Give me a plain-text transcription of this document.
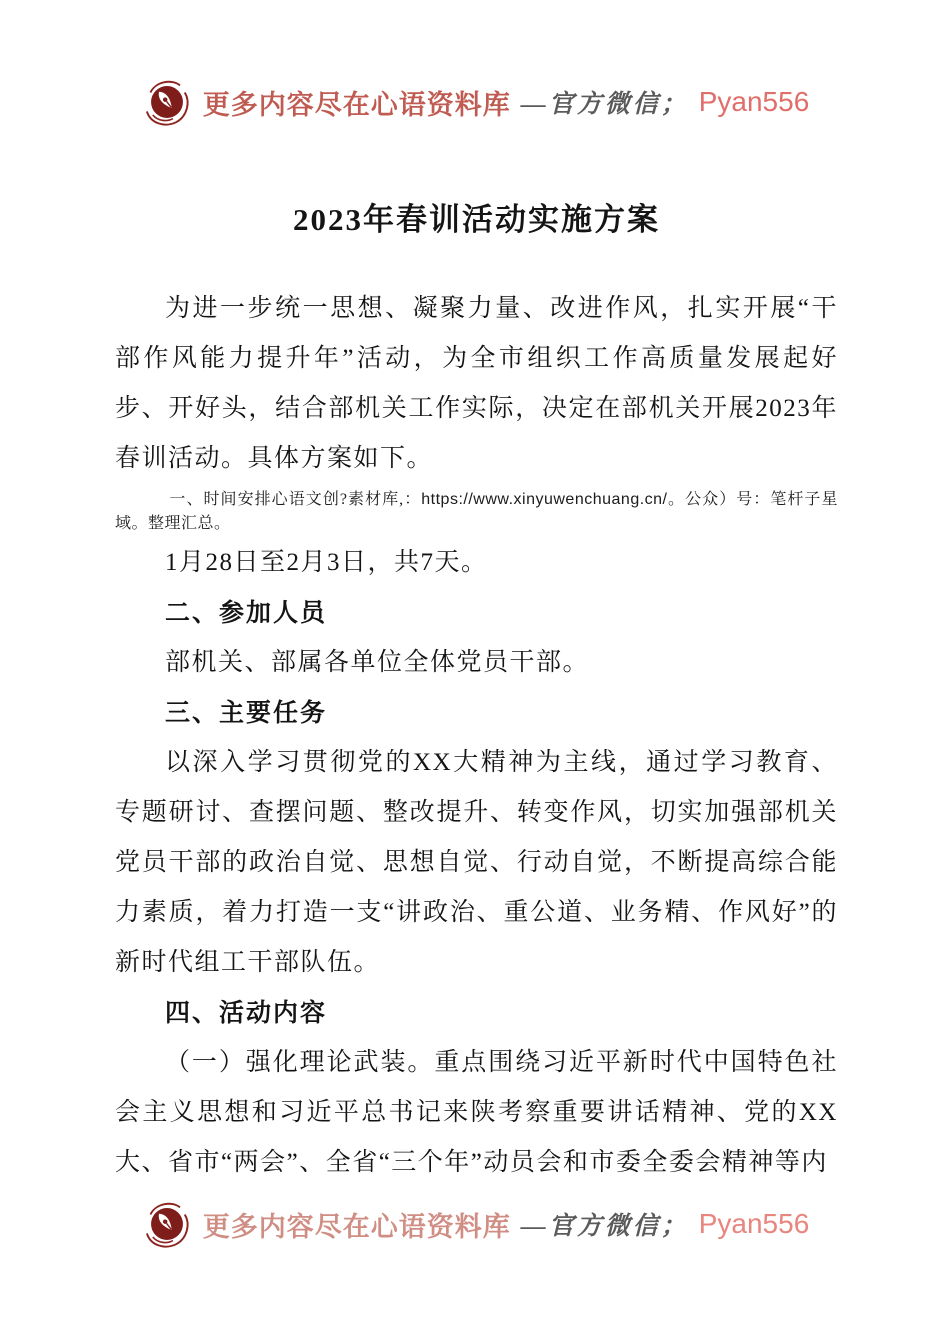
更多内容尽在心语资料库 —官方微信； Pyan556
2023年春训活动实施方案

为进一步统一思想、凝聚力量、改进作风，扎实开展“干部作风能力提升年”活动，为全市组织工作高质量发展起好步、开好头，结合部机关工作实际，决定在部机关开展2023年春训活动。具体方案如下。

一、时间安排心语文创?素材库,：https://www.xinyuwenchuang.cn/。公众）号：笔杆子星域。整理汇总。

1月28日至2月3日，共7天。

二、参加人员

部机关、部属各单位全体党员干部。

三、主要任务

以深入学习贯彻党的XX大精神为主线，通过学习教育、专题研讨、查摆问题、整改提升、转变作风，切实加强部机关党员干部的政治自觉、思想自觉、行动自觉，不断提高综合能力素质，着力打造一支“讲政治、重公道、业务精、作风好”的新时代组工干部队伍。

四、活动内容

（一）强化理论武装。重点围绕习近平新时代中国特色社会主义思想和习近平总书记来陕考察重要讲话精神、党的XX大、省市“两会”、全省“三个年”动员会和市委全委会精神等内

更多内容尽在心语资料库 —官方微信； Pyan556
